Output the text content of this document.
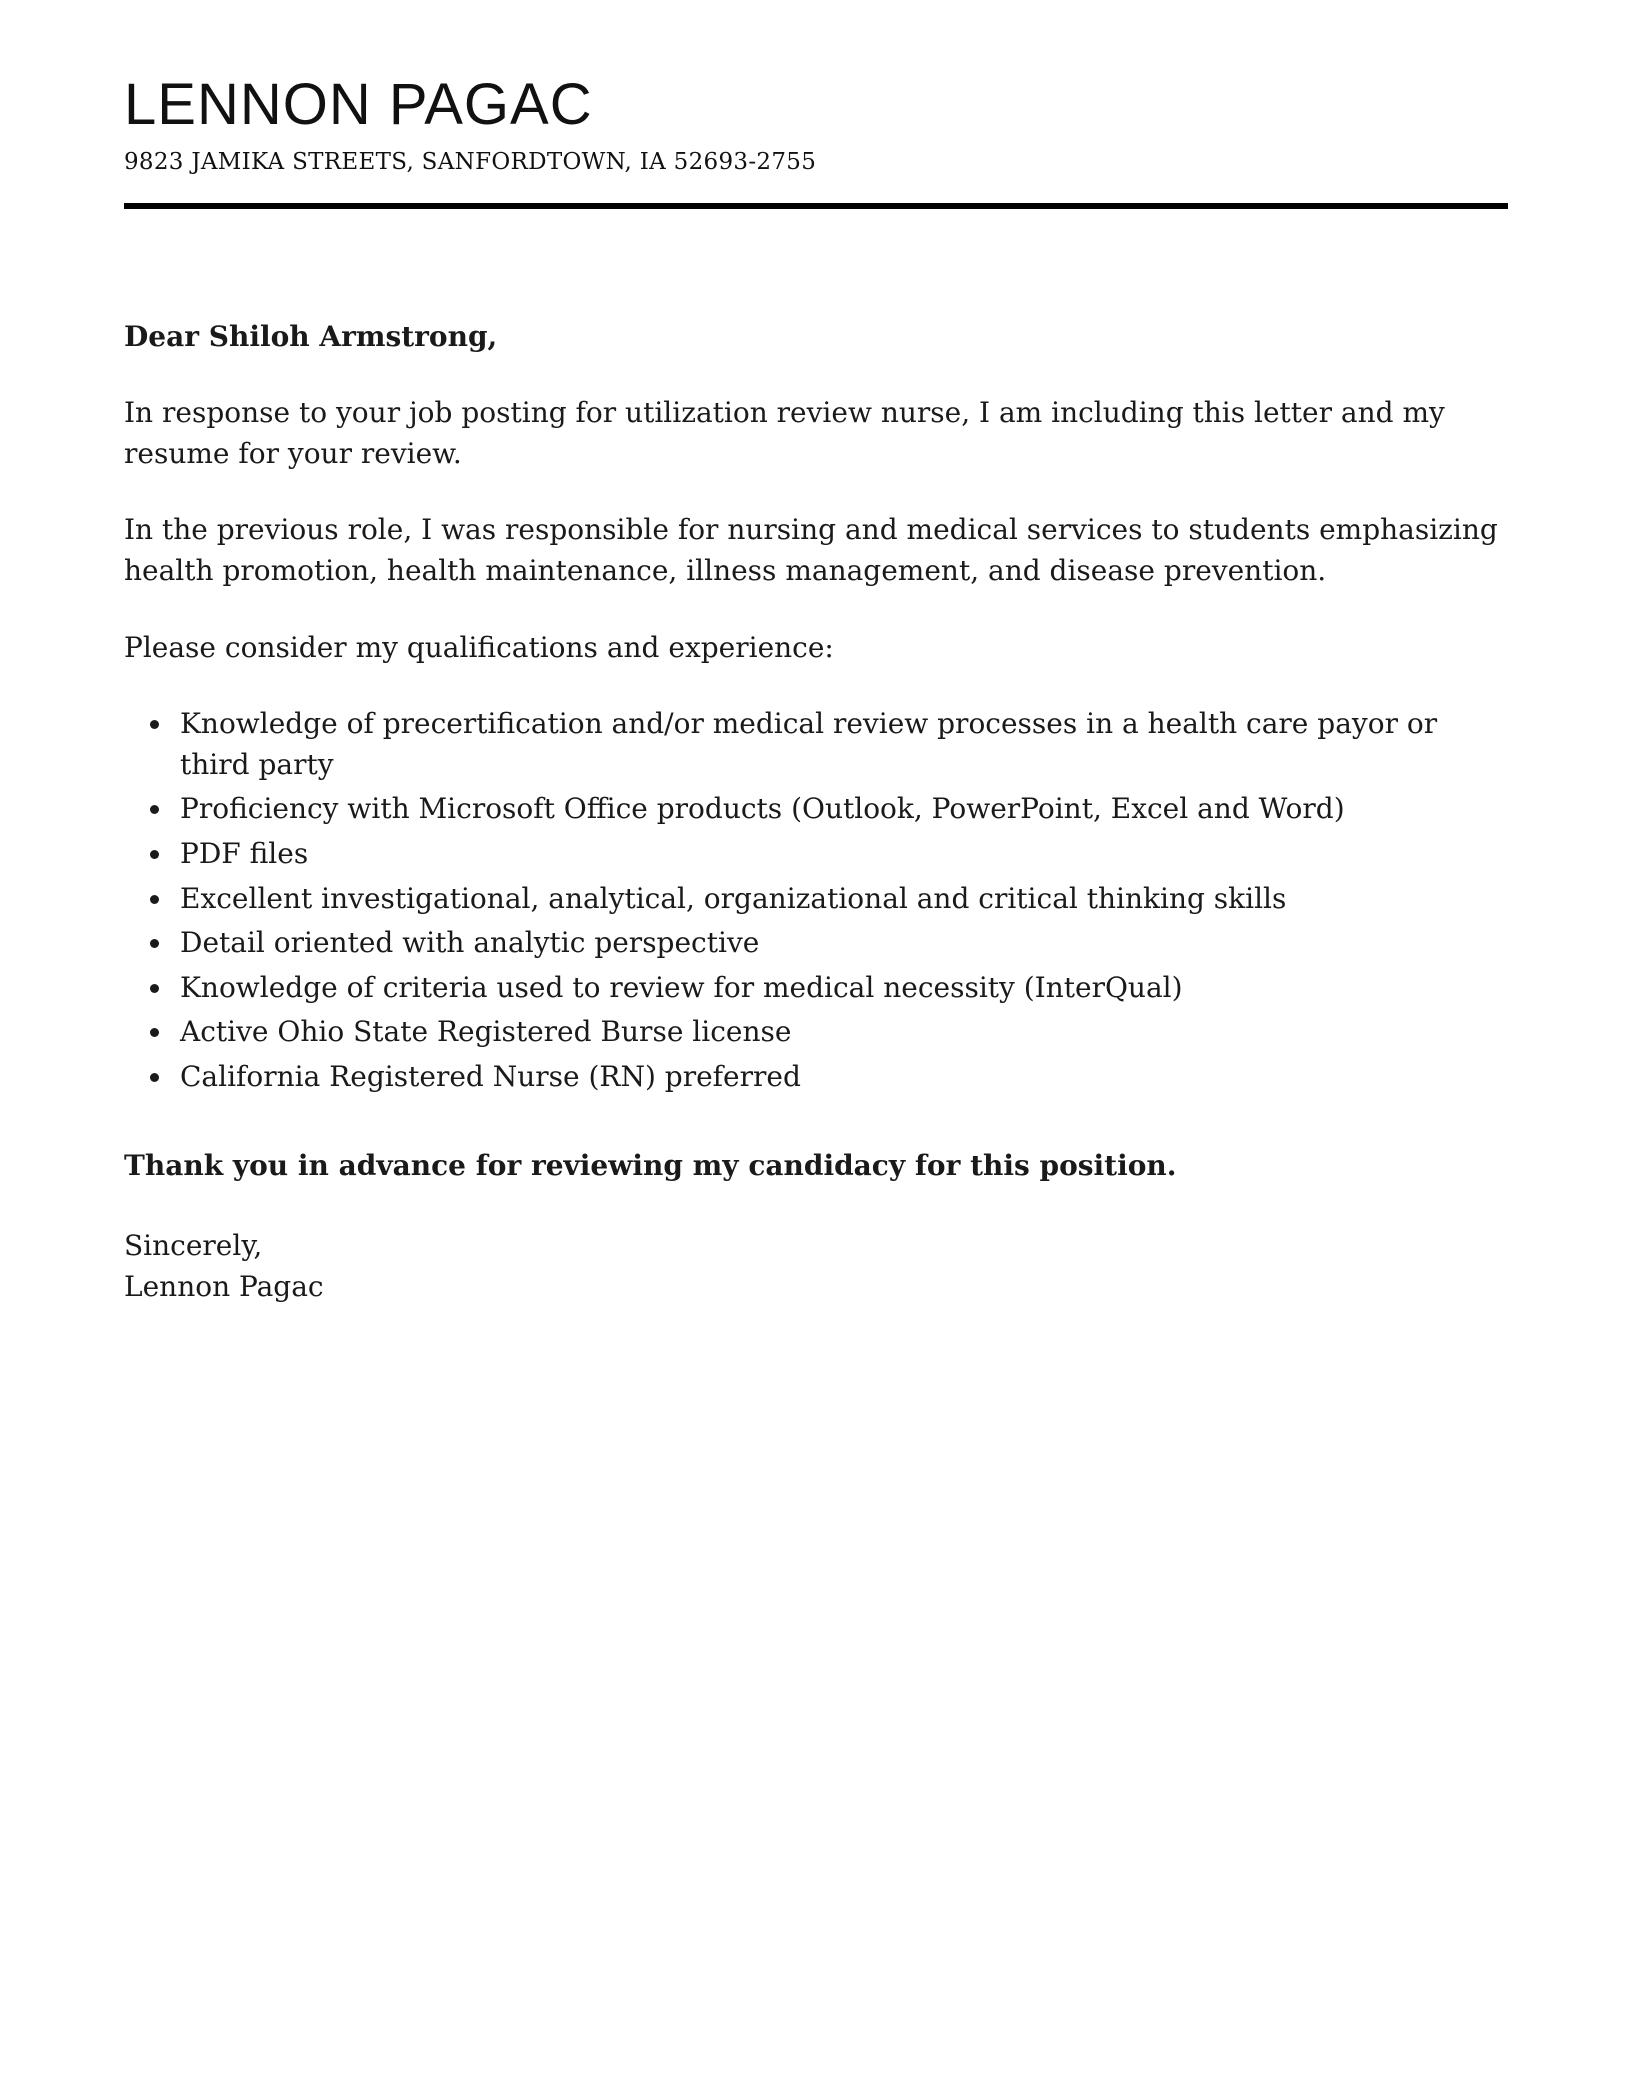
LENNON PAGAC
9823 JAMIKA STREETS, SANFORDTOWN, IA 52693-2755
Dear Shiloh Armstrong,

In response to your job posting for utilization review nurse, I am including this letter and my resume for your review.

In the previous role, I was responsible for nursing and medical services to students emphasizing health promotion, health maintenance, illness management, and disease prevention.

Please consider my qualifications and experience:

• Knowledge of precertification and/or medical review processes in a health care payor or third party
• Proficiency with Microsoft Office products (Outlook, PowerPoint, Excel and Word)
• PDF files
• Excellent investigational, analytical, organizational and critical thinking skills
• Detail oriented with analytic perspective
• Knowledge of criteria used to review for medical necessity (InterQual)
• Active Ohio State Registered Burse license
• California Registered Nurse (RN) preferred

Thank you in advance for reviewing my candidacy for this position.

Sincerely,
Lennon Pagac
